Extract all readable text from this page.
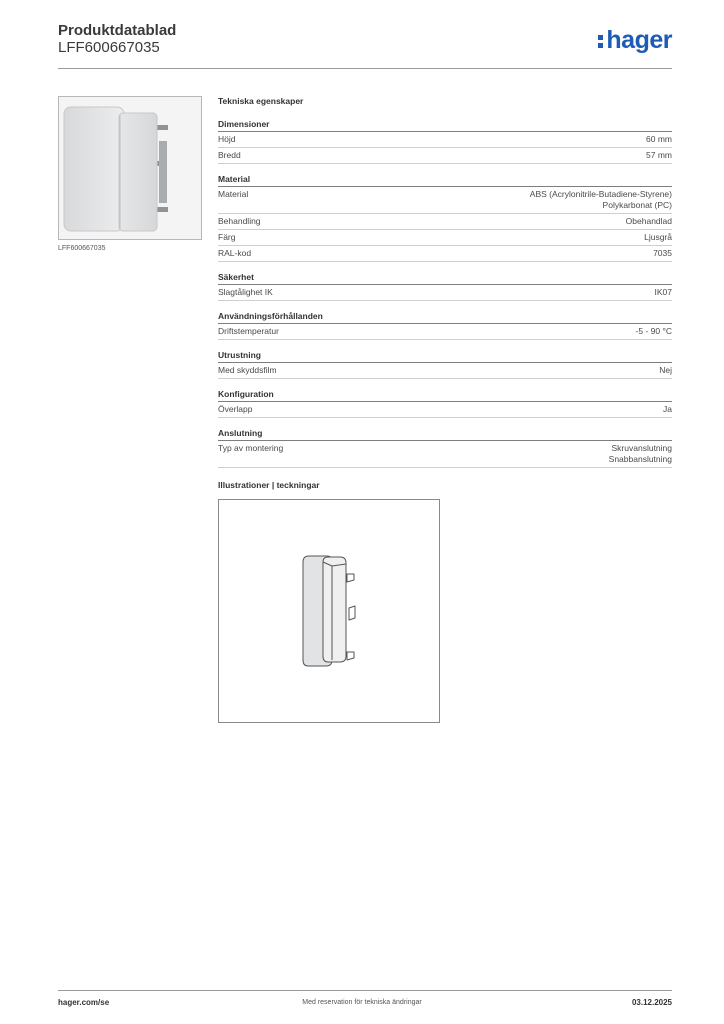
Produktdatablad
LFF600667035	hager
LFF600667035
Tekniska egenskaper
Dimensioner
Höjd	60 mm
Bredd	57 mm
Material
Material	ABS (Acrylonitrile-Butadiene-Styrene)
Polykarbonat (PC)
Behandling	Obehandlad
Färg	Ljusgrå
RAL-kod	7035
Säkerhet
Slagtålighet IK	IK07
Användningsförhållanden
Driftstemperatur	-5 - 90 °C
Utrustning
Med skyddsfilm	Nej
Konfiguration
Överlapp	Ja
Anslutning
Typ av montering	Skruvanslutning
Snabbanslutning
Illustrationer | teckningar
hager.com/se	Med reservation för tekniska ändringar	03.12.2025
